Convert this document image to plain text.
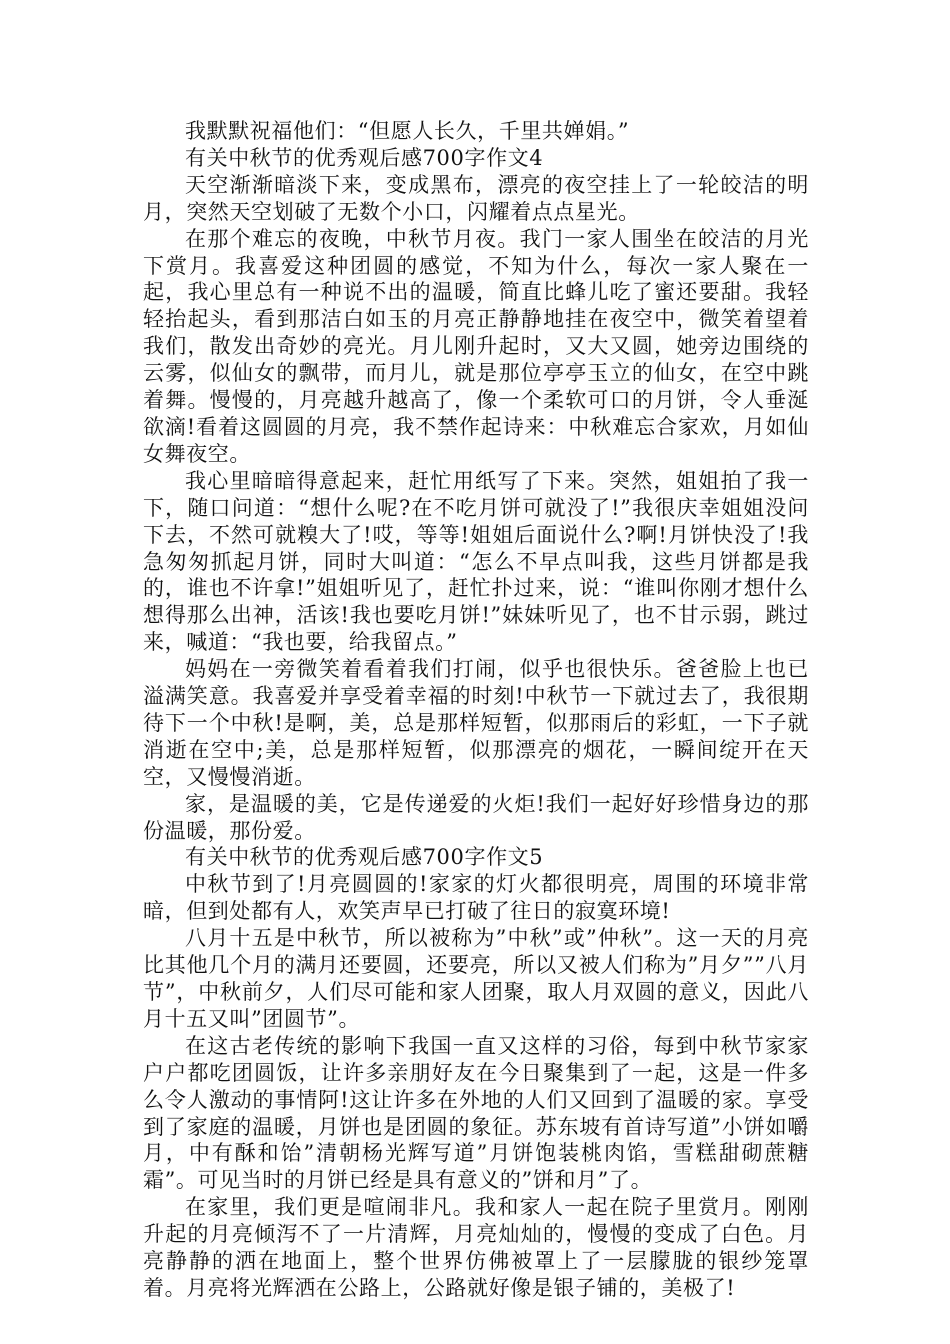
我默默祝福他们：“但愿人长久，千里共婵娟。”

有关中秋节的优秀观后感700字作文4

天空渐渐暗淡下来，变成黑布，漂亮的夜空挂上了一轮皎洁的明月，突然天空划破了无数个小口，闪耀着点点星光。

在那个难忘的夜晚，中秋节月夜。我门一家人围坐在皎洁的月光下赏月。我喜爱这种团圆的感觉，不知为什么，每次一家人聚在一起，我心里总有一种说不出的温暖，简直比蜂儿吃了蜜还要甜。我轻轻抬起头，看到那洁白如玉的月亮正静静地挂在夜空中，微笑着望着我们，散发出奇妙的亮光。月儿刚升起时，又大又圆，她旁边围绕的云雾，似仙女的飘带，而月儿，就是那位亭亭玉立的仙女，在空中跳着舞。慢慢的，月亮越升越高了，像一个柔软可口的月饼，令人垂涎欲滴!看着这圆圆的月亮，我不禁作起诗来：中秋难忘合家欢，月如仙女舞夜空。

我心里暗暗得意起来，赶忙用纸写了下来。突然，姐姐拍了我一下，随口问道：“想什么呢?在不吃月饼可就没了!”我很庆幸姐姐没问下去，不然可就糗大了!哎，等等!姐姐后面说什么?啊!月饼快没了!我急匆匆抓起月饼，同时大叫道：“怎么不早点叫我，这些月饼都是我的，谁也不许拿!”姐姐听见了，赶忙扑过来，说：“谁叫你刚才想什么想得那么出神，活该!我也要吃月饼!”妹妹听见了，也不甘示弱，跳过来，喊道：“我也要，给我留点。”

妈妈在一旁微笑着看着我们打闹，似乎也很快乐。爸爸脸上也已溢满笑意。我喜爱并享受着幸福的时刻!中秋节一下就过去了，我很期待下一个中秋!是啊，美，总是那样短暂，似那雨后的彩虹，一下子就消逝在空中;美，总是那样短暂，似那漂亮的烟花，一瞬间绽开在天空，又慢慢消逝。

家，是温暖的美，它是传递爱的火炬!我们一起好好珍惜身边的那份温暖，那份爱。

有关中秋节的优秀观后感700字作文5

中秋节到了!月亮圆圆的!家家的灯火都很明亮，周围的环境非常暗，但到处都有人，欢笑声早已打破了往日的寂寞环境!

八月十五是中秋节，所以被称为”中秋”或”仲秋”。这一天的月亮比其他几个月的满月还要圆，还要亮，所以又被人们称为”月夕””八月节”，中秋前夕，人们尽可能和家人团聚，取人月双圆的意义，因此八月十五又叫”团圆节”。

在这古老传统的影响下我国一直又这样的习俗，每到中秋节家家户户都吃团圆饭，让许多亲朋好友在今日聚集到了一起，这是一件多么令人激动的事情阿!这让许多在外地的人们又回到了温暖的家。享受到了家庭的温暖，月饼也是团圆的象征。苏东坡有首诗写道”小饼如嚼月，中有酥和饴”清朝杨光辉写道”月饼饱装桃肉馅，雪糕甜砌蔗糖霜”。可见当时的月饼已经是具有意义的”饼和月”了。

在家里，我们更是喧闹非凡。我和家人一起在院子里赏月。刚刚升起的月亮倾泻不了一片清辉，月亮灿灿的，慢慢的变成了白色。月亮静静的洒在地面上，整个世界仿佛被罩上了一层朦胧的银纱笼罩着。月亮将光辉洒在公路上，公路就好像是银子铺的，美极了!
